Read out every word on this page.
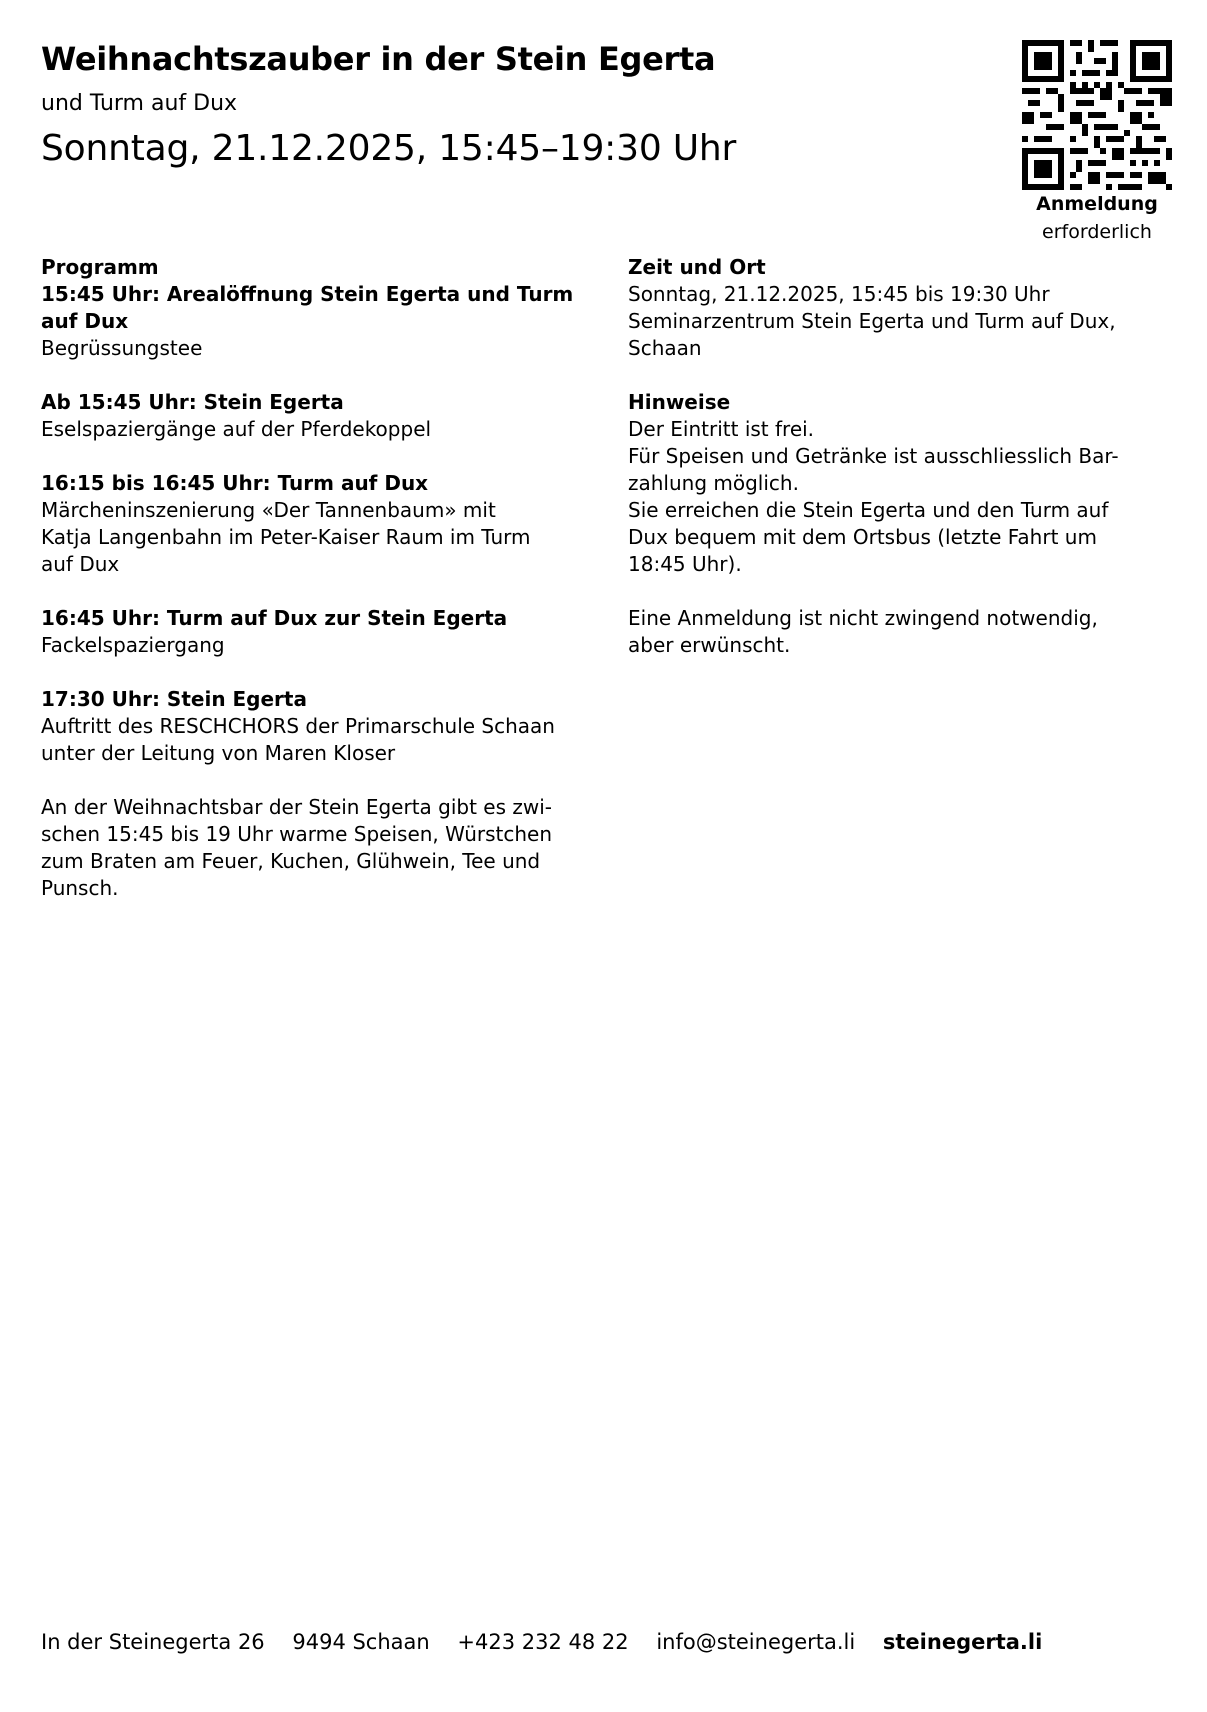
Weihnachtszauber in der Stein Egerta
und Turm auf Dux
Sonntag, 21.12.2025, 15:45–19:30 Uhr
Anmeldung
erforderlich
Programm
15:45 Uhr: Arealöffnung Stein Egerta und Turm
auf Dux
Begrüssungstee
Ab 15:45 Uhr: Stein Egerta
Eselspaziergänge auf der Pferdekoppel
16:15 bis 16:45 Uhr: Turm auf Dux
Märcheninszenierung «Der Tannenbaum» mit
Katja Langenbahn im Peter-Kaiser Raum im Turm
auf Dux
16:45 Uhr: Turm auf Dux zur Stein Egerta
Fackelspaziergang
17:30 Uhr: Stein Egerta
Auftritt des RESCHCHORS der Primarschule Schaan
unter der Leitung von Maren Kloser
An der Weihnachtsbar der Stein Egerta gibt es zwi-
schen 15:45 bis 19 Uhr warme Speisen, Würstchen
zum Braten am Feuer, Kuchen, Glühwein, Tee und
Punsch.
Zeit und Ort
Sonntag, 21.12.2025, 15:45 bis 19:30 Uhr
Seminarzentrum Stein Egerta und Turm auf Dux,
Schaan
Hinweise
Der Eintritt ist frei.
Für Speisen und Getränke ist ausschliesslich Bar-
zahlung möglich.
Sie erreichen die Stein Egerta und den Turm auf
Dux bequem mit dem Ortsbus (letzte Fahrt um
18:45 Uhr).
Eine Anmeldung ist nicht zwingend notwendig,
aber erwünscht.
In der Steinegerta 26 9494 Schaan +423 232 48 22 info@steinegerta.li steinegerta.li
